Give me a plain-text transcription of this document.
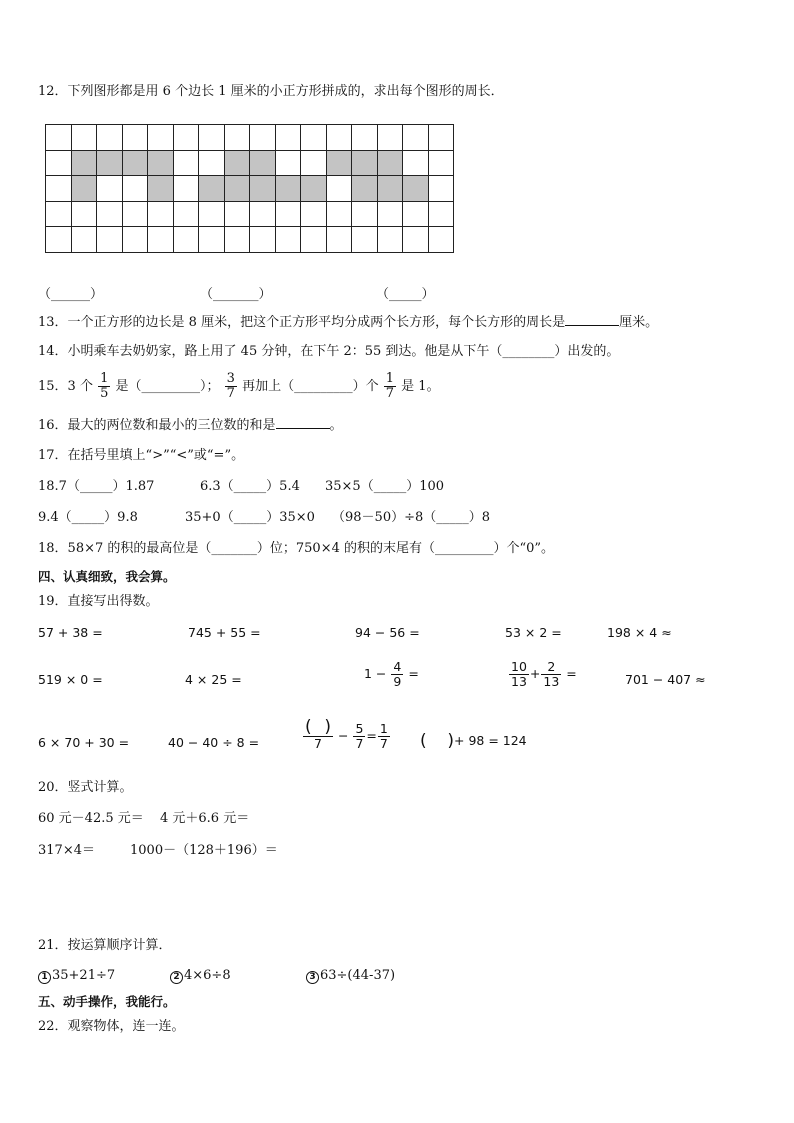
12．下列图形都是用 6 个边长 1 厘米的小正方形拼成的，求出每个图形的周长．

（______）	（_______）	（_____）
13．一个正方形的边长是 8 厘米，把这个正方形平均分成两个长方形，每个长方形的周长是	厘米。
14．小明乘车去奶奶家，路上用了 45 分钟，在下午 2：55 到达。他是从下午（________）出发的。
15．3 个 $\frac{1}{5}$ 是（_________）； $\frac{3}{7}$ 再加上（_________）个 $\frac{1}{7}$ 是 1。
16．最大的两位数和最小的三位数的和是	。
17．在括号里填上“>”“<”或“=”。
18.7（_____）1.87	6.3（_____）5.4 35×5（_____）100
9.4（_____）9.8	35+0（_____）35×0 （98－50）÷8（_____）8
18．58×7 的积的最高位是（_______）位；750×4 的积的末尾有（_________）个“0”。
四、认真细致，我会算。
19．直接写出得数。
57 + 38 =	745 + 55 =	94 − 56 =	53 × 2 =	198 × 4 ≈
519 × 0 =	4 × 25 =	$1 - \frac{4}{9}$ =	$\frac{10}{13} + \frac{2}{13}$ =	701 − 407 ≈
6 × 70 + 30 =	40 − 40 ÷ 8 =
(   )	7
− $\frac{5}{7} = \frac{1}{7}$
(   )	+ 98 = 124
20．竖式计算。
60 元－42.5 元＝ 4 元＋6.6 元＝
317×4＝	1000－（128＋196）＝
21．按运算顺序计算．
1 35+21÷7	2 4×6÷8	3 63÷(44-37)
五、动手操作，我能行。
22．观察物体，连一连。
